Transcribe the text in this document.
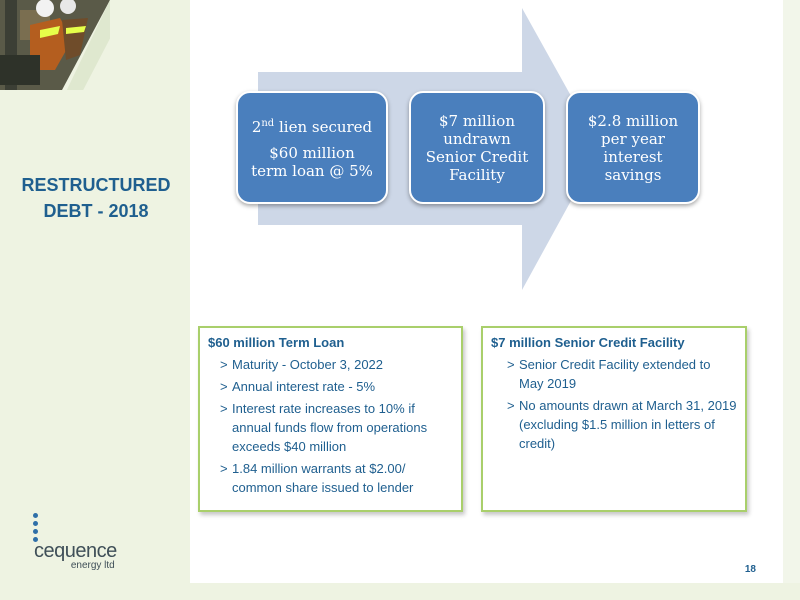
RESTRUCTURED
DEBT - 2018

2nd lien secured

$60 million term loan @ 5%

$7 million undrawn Senior Credit Facility

$2.8 million per year interest savings

$60 million Term Loan
> Maturity - October 3, 2022
> Annual interest rate - 5%
> Interest rate increases to 10% if annual funds flow from operations exceeds $40 million
> 1.84 million warrants at $2.00/ common share issued to lender
$7 million Senior Credit Facility
> Senior Credit Facility extended to May 2019
> No amounts drawn at March 31, 2019 (excluding $1.5 million in letters of credit)
cequence
energy ltd	18
